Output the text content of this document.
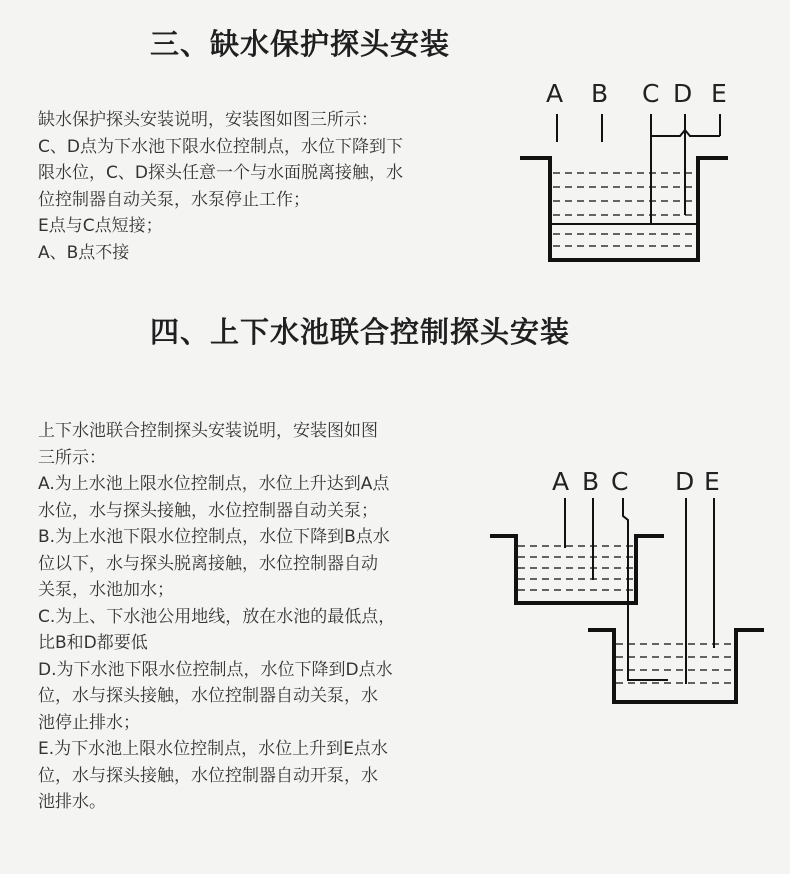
三、缺水保护探头安装
缺水保护探头安装说明，安装图如图三所示：
C、D点为下水池下限水位控制点，水位下降到下
限水位，C、D探头任意一个与水面脱离接触，水
位控制器自动关泵，水泵停止工作；
E点与C点短接；
A、B点不接
A B C D E
四、上下水池联合控制探头安装
上下水池联合控制探头安装说明，安装图如图
三所示：
A.为上水池上限水位控制点，水位上升达到A点
水位，水与探头接触，水位控制器自动关泵；
B.为上水池下限水位控制点，水位下降到B点水
位以下，水与探头脱离接触，水位控制器自动
关泵，水池加水；
C.为上、下水池公用地线，放在水池的最低点，
比B和D都要低
D.为下水池下限水位控制点，水位下降到D点水
位，水与探头接触，水位控制器自动关泵，水
池停止排水；
E.为下水池上限水位控制点，水位上升到E点水
位，水与探头接触，水位控制器自动开泵，水
池排水。
A B C D E
